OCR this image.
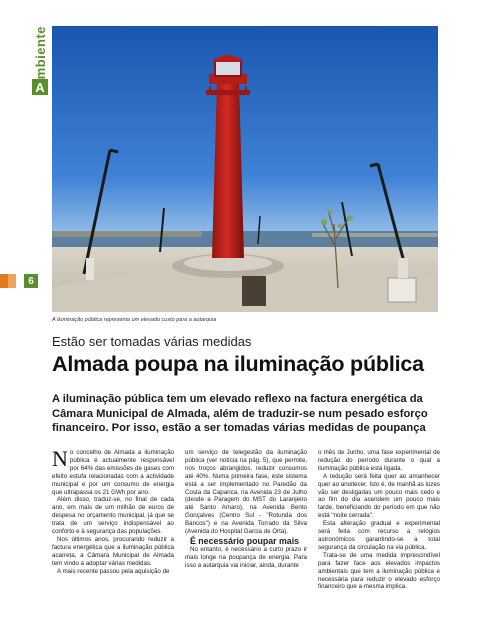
mbiente
A
6
A iluminação pública representa um elevado custo para a autarquia
Estão ser tomadas várias medidas
Almada poupa na iluminação pública
A iluminação pública tem um elevado reflexo na factura energética da Câmara Municipal de Almada, além de traduzir-se num pesado esforço financeiro. Por isso, estão a ser tomadas várias medidas de poupança

No concelho de Almada a iluminação pública é actualmente responsável por 64% das emissões de gases com efeito estufa relacionadas com a actividade municipal e por um consumo de energia que ultrapassa os 21 GWh por ano.

Além disso, traduz-se, no final de cada ano, em mais de um milhão de euros de despesa no orçamento municipal, já que se trata de um serviço indispensável ao conforto e à segurança das populações.

Nos últimos anos, procurando reduzir a factura energética que a iluminação pública acarreta, a Câmara Municipal de Almada tem vindo a adoptar várias medidas.

A mais recente passou pela aquisição de

um serviço de telegestão da iluminação pública (ver notícia na pág. 5), que permite, nos troços abrangidos, reduzir consumos até 40%. Numa primeira fase, este sistema está a ser implementado no Paredão da Costa da Caparica, na Avenida 23 de Julho (desde a Paragem do MST do Laranjeiro até Santo Amaro), na Avenida Bento Gonçalves (Centro Sul - "Rotunda dos Bancos") e na Avenida Torrado da Silva (Avenida do Hospital Garcia de Orta).

É necessário poupar mais

No entanto, é necessário a curto prazo ir mais longe na poupança de energia. Para isso a autarquia vai iniciar, ainda, durante

o mês de Junho, uma fase experimental de redução do período durante o qual a iluminação pública está ligada.

A redução será feita quer ao amanhecer quer ao anoitecer. Isto é, de manhã as luzes vão ser desligadas um pouco mais cedo e ao fim do dia acendem um pouco mais tarde, beneficiando do período em que não está "noite cerrada".

Esta alteração gradual e experimental será feita com recurso a relógios astronómicos garantindo-se a total segurança da circulação na via pública.

Trata-se de uma medida imprescindível para fazer face aos elevados impactos ambientais que tem a iluminação pública e necessária para reduzir o elevado esforço financeiro que a mesma implica.
